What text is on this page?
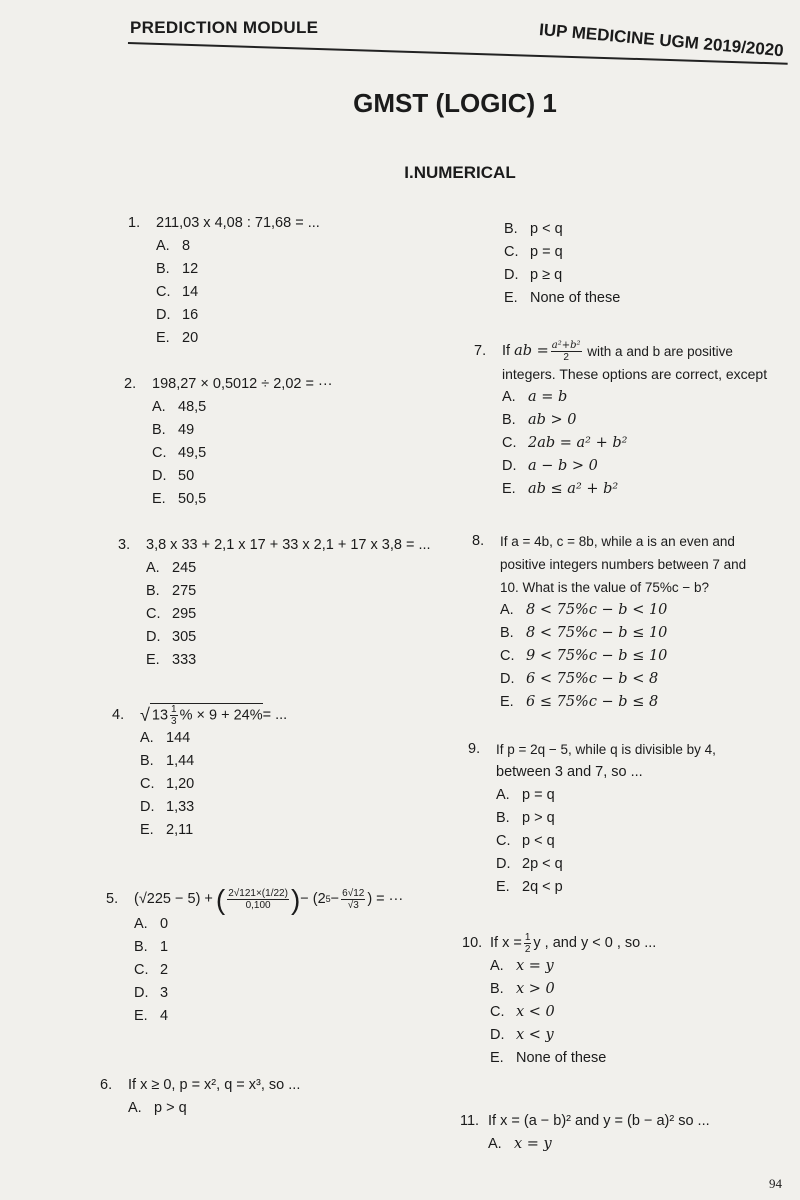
PREDICTION MODULE	IUP MEDICINE UGM 2019/2020
GMST (LOGIC) 1
I.NUMERICAL
1.	211,03 x 4,08 : 71,68 = ...
A. 8
B. 12
C. 14
D. 16
E. 20
2.	198,27 × 0,5012 ÷ 2,02 = ···
A. 48,5
B. 49
C. 49,5
D. 50
E. 50,5
3.	3,8 x 33 + 2,1 x 17 + 33 x 2,1 + 17 x 3,8 = ...
A. 245
B. 275
C. 295
D. 305
E. 333
4. √ $13 \frac{1}{3}$ % × 9 + 24% = ...
A. 144
B. 1,44
C. 1,20
D. 1,33
E. 2,11
5.	(√225 − 5) + ( $\frac{2√121\times(1/22)}{0,100}$ ) − (2 $5 - \frac{6√12}{√3}$ ) = ···
A. 0
B. 1
C. 2
D. 3
E. 4
6.	If x ≥ 0, p = x², q = x³, so ...
A. p > q
B. p < q
C. p = q
D. p ≥ q
E. None of these
7.	If
ab = $\frac{\text{a²+b²}}{2}$ with a and b are positive
integers. These options are correct, except
A. a = b
B. ab > 0
C. 2ab = a² + b²
D. a − b > 0
E. ab ≤ a² + b²
8.	If a = 4b, c = 8b, while a is an even and
positive integers numbers between 7 and
10. What is the value of 75%c − b?
A. 8 < 75%c − b < 10
B. 8 < 75%c − b ≤ 10
C. 9 < 75%c − b ≤ 10
D. 6 < 75%c − b < 8
E. 6 ≤ 75%c − b ≤ 8
9.	If p = 2q − 5, while q is divisible by 4,
between 3 and 7, so ...
A. p = q
B. p > q
C. p < q
D. 2p < q
E. 2q < p
10. If $x = \frac{1}{2}$ y , and y < 0 , so ...
A. x = y
B. x > 0
C. x < 0
D. x < y
E. None of these
11. If x = (a − b)² and y = (b − a)² so ...
A. x = y
94
